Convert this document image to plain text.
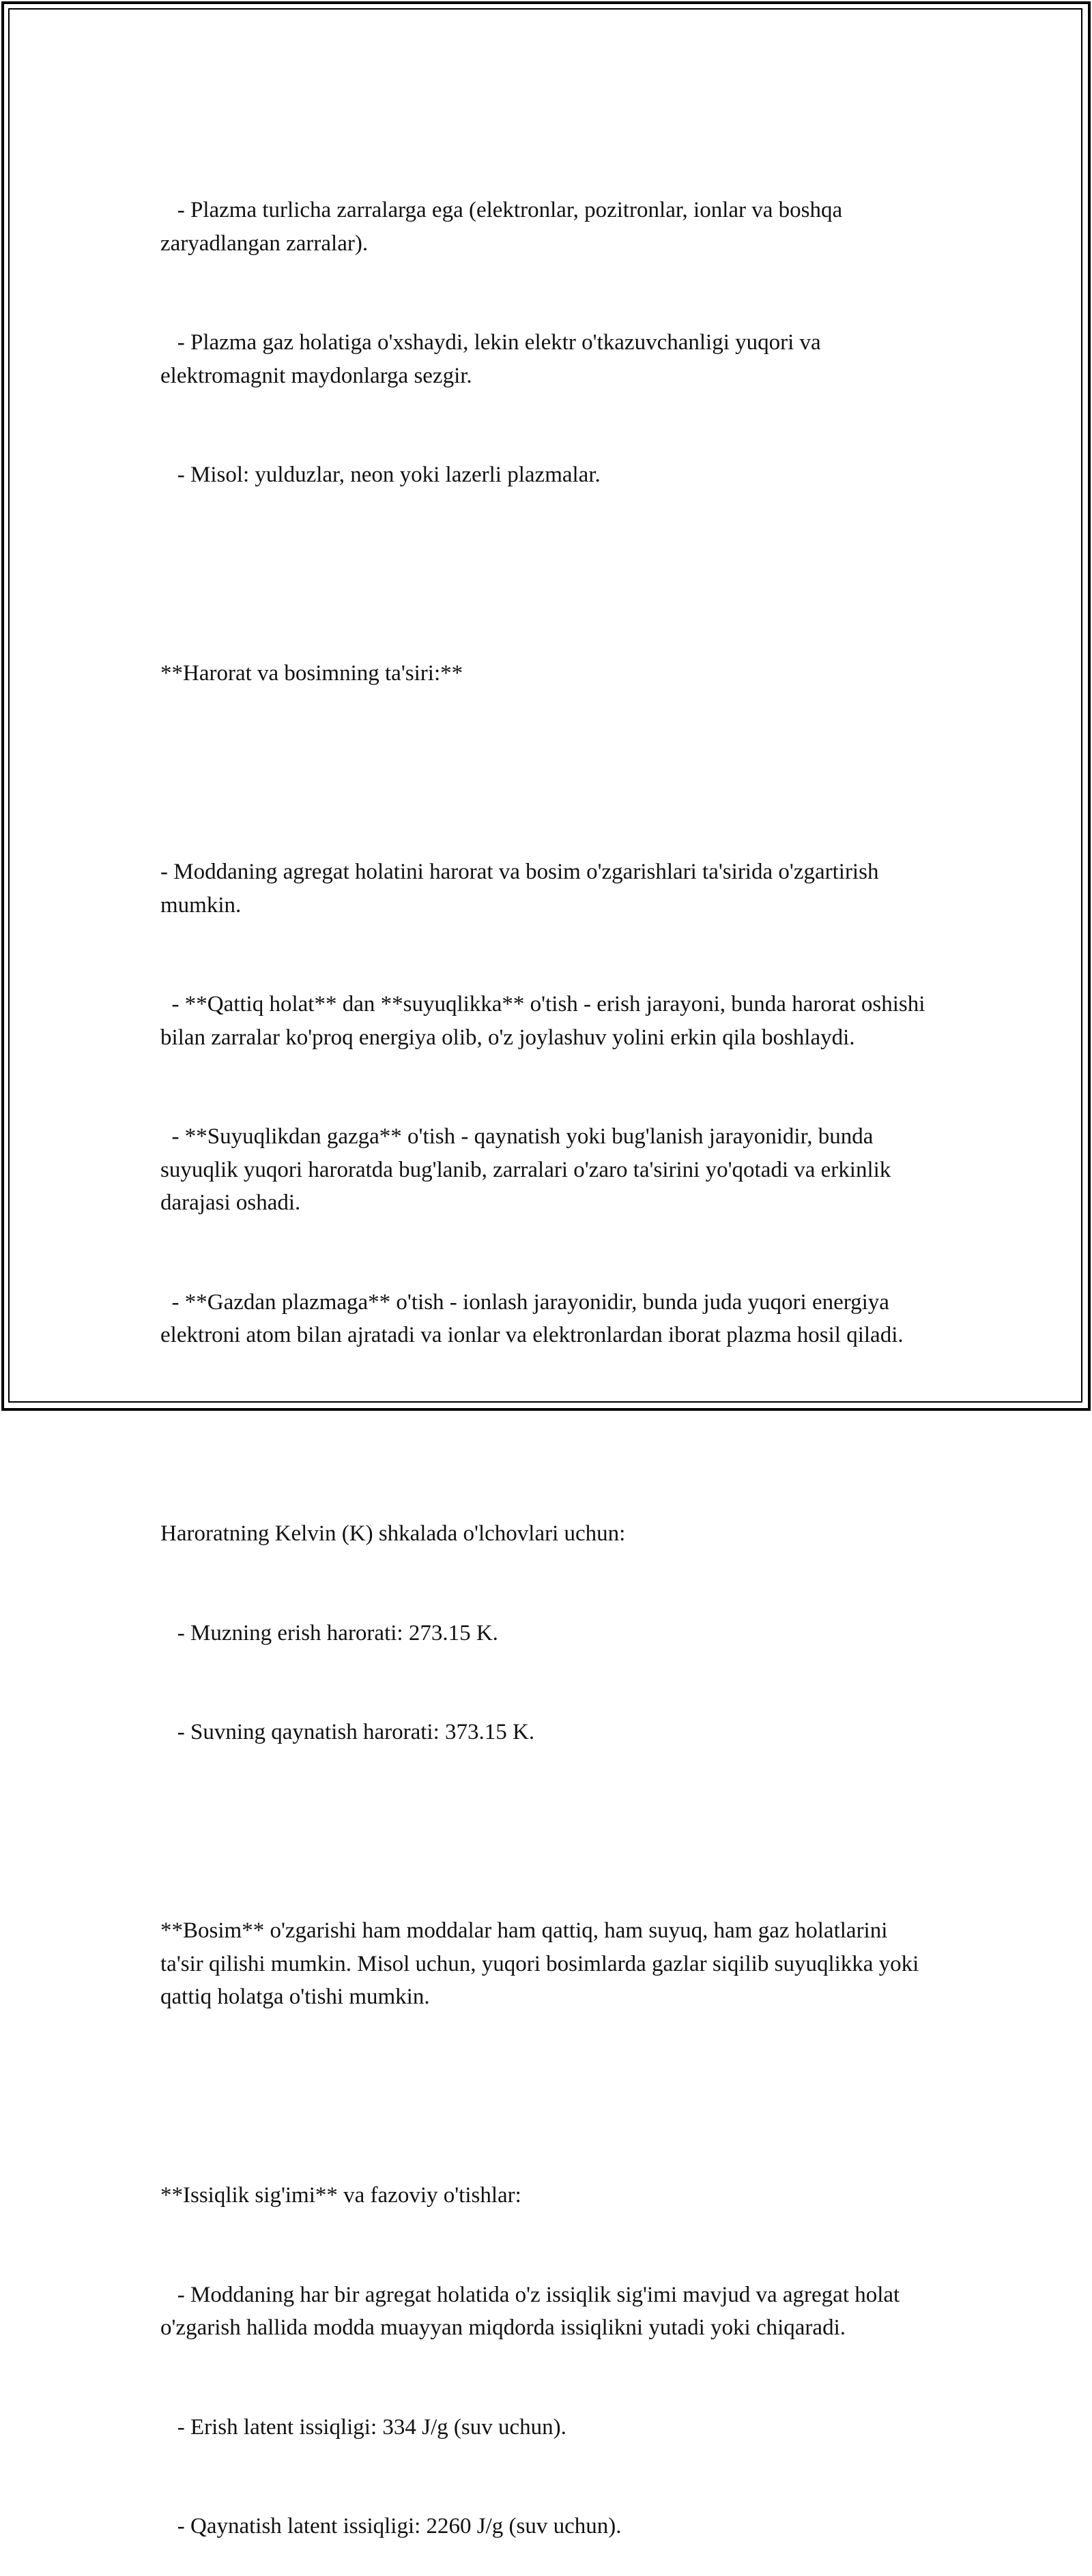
- Plazma turlicha zarralarga ega (elektronlar, pozitronlar, ionlar va boshqa zaryadlangan zarralar).

- Plazma gaz holatiga o'xshaydi, lekin elektr o'tkazuvchanligi yuqori va elektromagnit maydonlarga sezgir.

- Misol: yulduzlar, neon yoki lazerli plazmalar.

**Harorat va bosimning ta'siri:**

- Moddaning agregat holatini harorat va bosim o'zgarishlari ta'sirida o'zgartirish mumkin.

- **Qattiq holat** dan **suyuqlikka** o'tish - erish jarayoni, bunda harorat oshishi bilan zarralar ko'proq energiya olib, o'z joylashuv yolini erkin qila boshlaydi.

- **Suyuqlikdan gazga** o'tish - qaynatish yoki bug'lanish jarayonidir, bunda suyuqlik yuqori haroratda bug'lanib, zarralari o'zaro ta'sirini yo'qotadi va erkinlik darajasi oshadi.

- **Gazdan plazmaga** o'tish - ionlash jarayonidir, bunda juda yuqori energiya elektroni atom bilan ajratadi va ionlar va elektronlardan iborat plazma hosil qiladi.

Haroratning Kelvin (K) shkalada o'lchovlari uchun:

- Muzning erish harorati: 273.15 K.

- Suvning qaynatish harorati: 373.15 K.

**Bosim** o'zgarishi ham moddalar ham qattiq, ham suyuq, ham gaz holatlarini ta'sir qilishi mumkin. Misol uchun, yuqori bosimlarda gazlar siqilib suyuqlikka yoki qattiq holatga o'tishi mumkin.

**Issiqlik sig'imi** va fazoviy o'tishlar:

- Moddaning har bir agregat holatida o'z issiqlik sig'imi mavjud va agregat holat o'zgarish hallida modda muayyan miqdorda issiqlikni yutadi yoki chiqaradi.

- Erish latent issiqligi: 334 J/g (suv uchun).

- Qaynatish latent issiqligi: 2260 J/g (suv uchun).
